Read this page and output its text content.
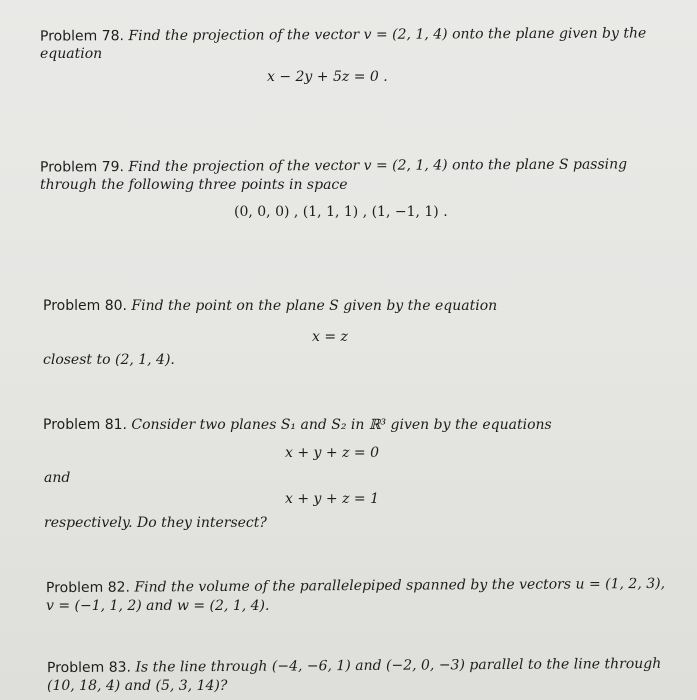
Problem 78. Find the projection of the vector v = (2, 1, 4) onto the plane given by the
equation
x − 2y + 5z = 0 .
Problem 79. Find the projection of the vector v = (2, 1, 4) onto the plane S passing
through the following three points in space
(0, 0, 0) , (1, 1, 1) , (1, −1, 1) .
Problem 80. Find the point on the plane S given by the equation
x = z
closest to (2, 1, 4).
Problem 81. Consider two planes S₁ and S₂ in ℝ³ given by the equations
x + y + z = 0
and
x + y + z = 1
respectively. Do they intersect?
Problem 82. Find the volume of the parallelepiped spanned by the vectors u = (1, 2, 3),
v = (−1, 1, 2) and w = (2, 1, 4).
Problem 83. Is the line through (−4, −6, 1) and (−2, 0, −3) parallel to the line through
(10, 18, 4) and (5, 3, 14)?
